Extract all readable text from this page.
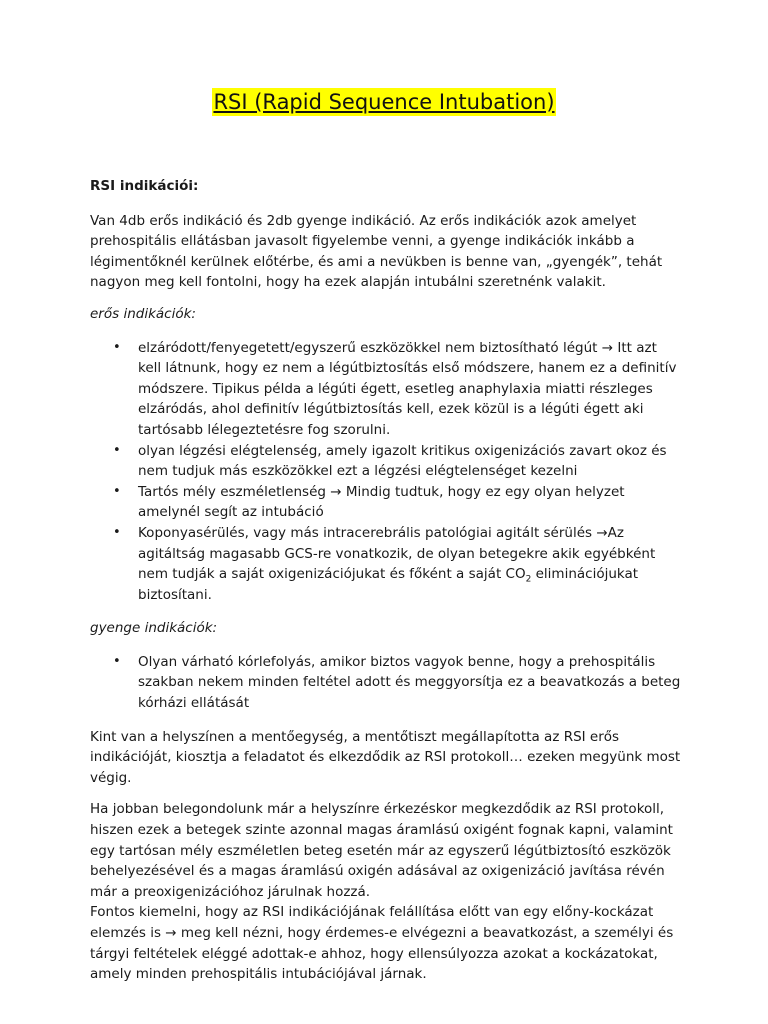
RSI (Rapid Sequence Intubation)
RSI indikációi:

Van 4db erős indikáció és 2db gyenge indikáció. Az erős indikációk azok amelyet prehospitális ellátásban javasolt figyelembe venni, a gyenge indikációk inkább a légimentőknél kerülnek előtérbe, és ami a nevükben is benne van, „gyengék”, tehát nagyon meg kell fontolni, hogy ha ezek alapján intubálni szeretnénk valakit.

erős indikációk:

• elzáródott/fenyegetett/egyszerű eszközökkel nem biztosítható légút → Itt azt kell látnunk, hogy ez nem a légútbiztosítás első módszere, hanem ez a definitív módszere. Tipikus példa a légúti égett, esetleg anaphylaxia miatti részleges elzáródás, ahol definitív légútbiztosítás kell, ezek közül is a légúti égett aki tartósabb lélegeztetésre fog szorulni.
• olyan légzési elégtelenség, amely igazolt kritikus oxigenizációs zavart okoz és nem tudjuk más eszközökkel ezt a légzési elégtelenséget kezelni
• Tartós mély eszméletlenség → Mindig tudtuk, hogy ez egy olyan helyzet amelynél segít az intubáció
• Koponyasérülés, vagy más intracerebrális patológiai agitált sérülés →Az agitáltság magasabb GCS-re vonatkozik, de olyan betegekre akik egyébként nem tudják a saját oxigenizációjukat és főként a saját $CO_2$ eliminációjukat biztosítani.

gyenge indikációk:

• Olyan várható kórlefolyás, amikor biztos vagyok benne, hogy a prehospitális szakban nekem minden feltétel adott és meggyorsítja ez a beavatkozás a beteg kórházi ellátását

Kint van a helyszínen a mentőegység, a mentőtiszt megállapította az RSI erős indikációját, kiosztja a feladatot és elkezdődik az RSI protokoll… ezeken megyünk most végig.

Ha jobban belegondolunk már a helyszínre érkezéskor megkezdődik az RSI protokoll, hiszen ezek a betegek szinte azonnal magas áramlású oxigént fognak kapni, valamint egy tartósan mély eszméletlen beteg esetén már az egyszerű légútbiztosító eszközök behelyezésével és a magas áramlású oxigén adásával az oxigenizáció javítása révén már a preoxigenizációhoz járulnak hozzá.

Fontos kiemelni, hogy az RSI indikációjának felállítása előtt van egy előny-kockázat elemzés is → meg kell nézni, hogy érdemes-e elvégezni a beavatkozást, a személyi és tárgyi feltételek eléggé adottak-e ahhoz, hogy ellensúlyozza azokat a kockázatokat, amely minden prehospitális intubációjával járnak.
